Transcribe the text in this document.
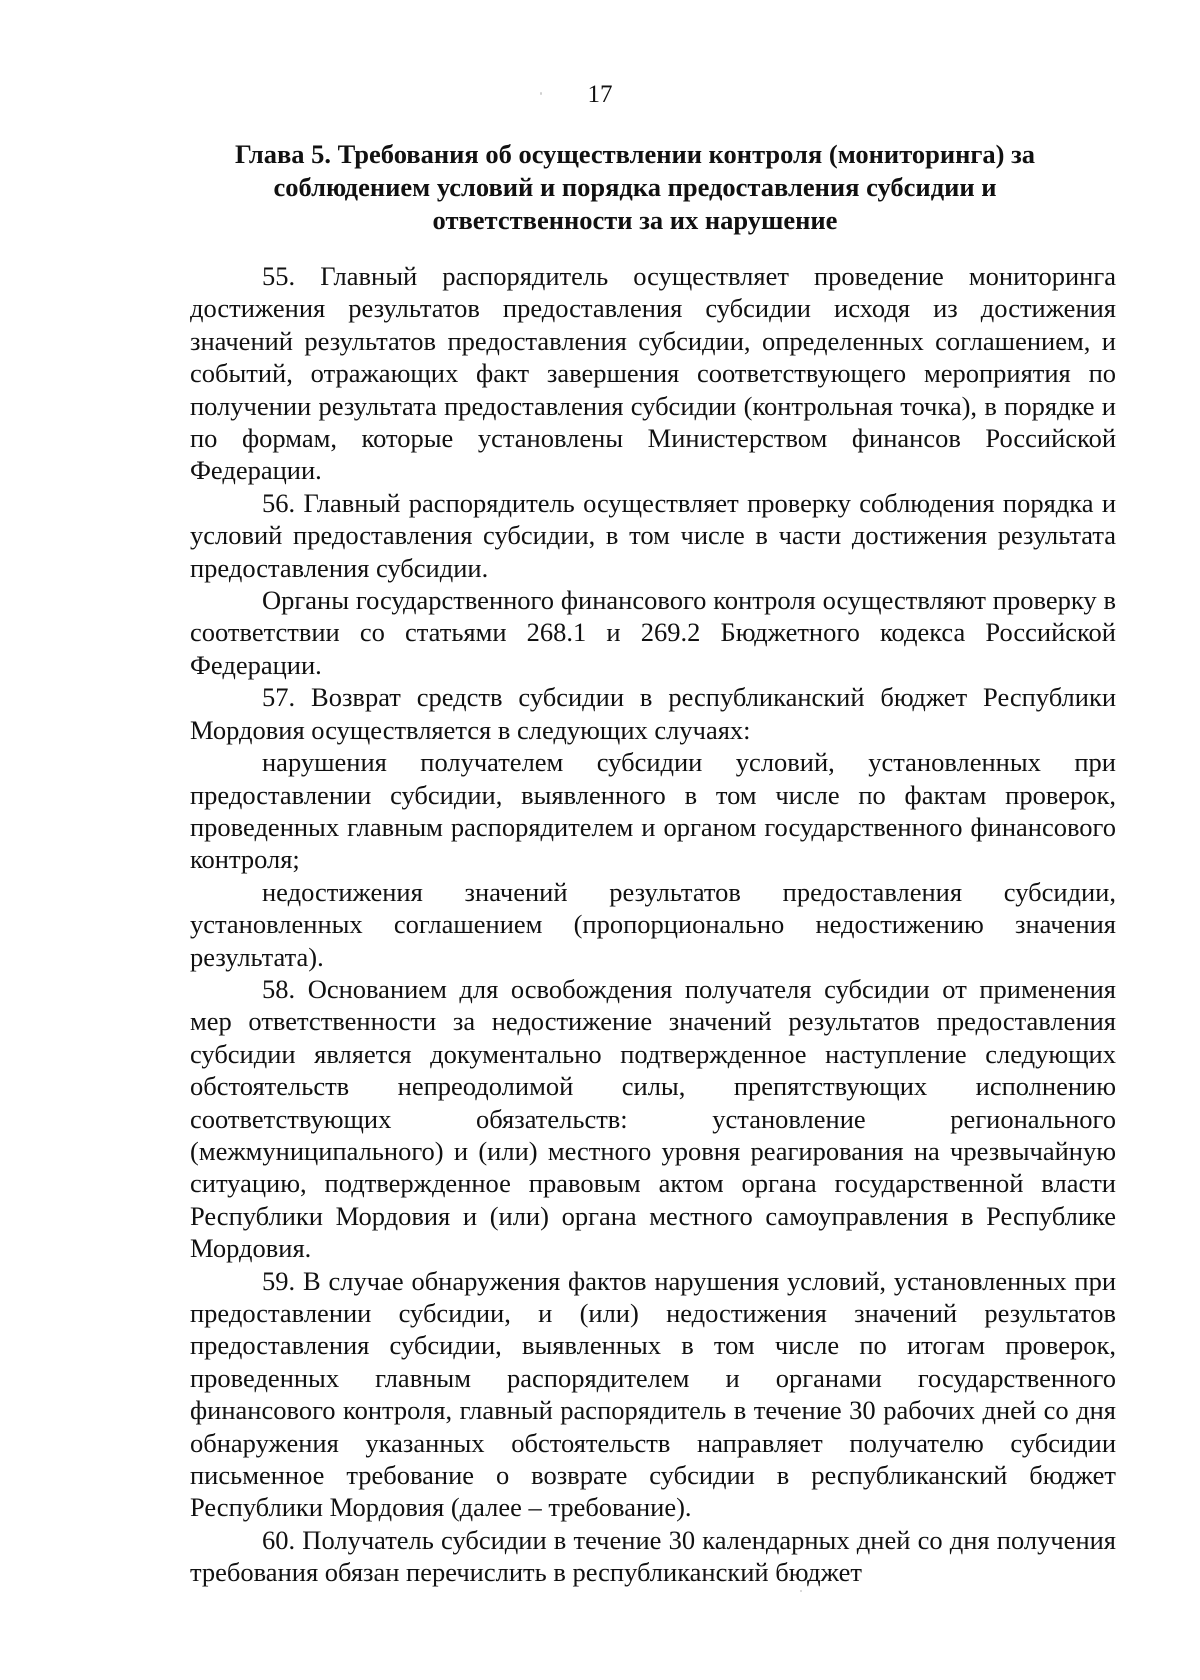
17
Глава 5. Требования об осуществлении контроля (мониторинга) за соблюдением условий и порядка предоставления субсидии и ответственности за их нарушение

55. Главный распорядитель осуществляет проведение мониторинга достижения результатов предоставления субсидии исходя из достижения значений результатов предоставления субсидии, определенных соглашением, и событий, отражающих факт завершения соответствующего мероприятия по получении результата предоставления субсидии (контрольная точка), в порядке и по формам, которые установлены Министерством финансов Российской Федерации.

56. Главный распорядитель осуществляет проверку соблюдения порядка и условий предоставления субсидии, в том числе в части достижения результата предоставления субсидии.

Органы государственного финансового контроля осуществляют проверку в соответствии со статьями 268.1 и 269.2 Бюджетного кодекса Российской Федерации.

57. Возврат средств субсидии в республиканский бюджет Республики Мордовия осуществляется в следующих случаях:

нарушения получателем субсидии условий, установленных при предоставлении субсидии, выявленного в том числе по фактам проверок, проведенных главным распорядителем и органом государственного финансового контроля;

недостижения значений результатов предоставления субсидии, установленных соглашением (пропорционально недостижению значения результата).

58. Основанием для освобождения получателя субсидии от применения мер ответственности за недостижение значений результатов предоставления субсидии является документально подтвержденное наступление следующих обстоятельств непреодолимой силы, препятствующих исполнению соответствующих обязательств: установление регионального (межмуниципального) и (или) местного уровня реагирования на чрезвычайную ситуацию, подтвержденное правовым актом органа государственной власти Республики Мордовия и (или) органа местного самоуправления в Республике Мордовия.

59. В случае обнаружения фактов нарушения условий, установленных при предоставлении субсидии, и (или) недостижения значений результатов предоставления субсидии, выявленных в том числе по итогам проверок, проведенных главным распорядителем и органами государственного финансового контроля, главный распорядитель в течение 30 рабочих дней со дня обнаружения указанных обстоятельств направляет получателю субсидии письменное требование о возврате субсидии в республиканский бюджет Республики Мордовия (далее – требование).

60. Получатель субсидии в течение 30 календарных дней со дня получения требования обязан перечислить в республиканский бюджет
